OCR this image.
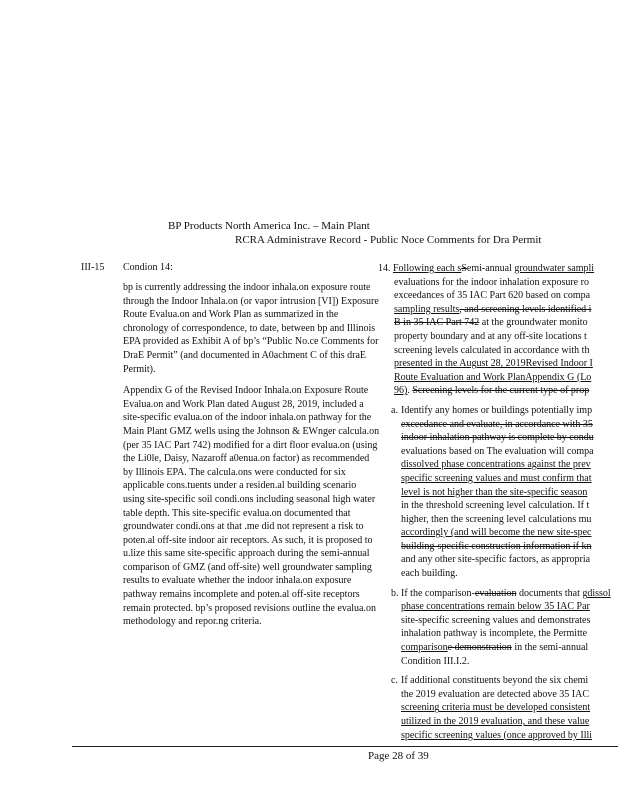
BP Products North America Inc. – Main Plant
RCRA Administrave Record - Public Noce Comments for Dra Permit
III-15 Condion 14:

bp is currently addressing the indoor inhala.on exposure route through the Indoor Inhala.on (or vapor intrusion [VI]) Exposure Route Evalua.on and Work Plan as summarized in the chronology of correspondence, to date, between bp and Illinois EPA provided as Exhibit A of bp’s “Public No.ce Comments for DraE Permit” (and documented in A0achment C of this draE Permit).

Appendix G of the Revised Indoor Inhala.on Exposure Route Evalua.on and Work Plan dated August 28, 2019, included a site-specific evalua.on of the indoor inhala.on pathway for the Main Plant GMZ wells using the Johnson & EWnger calcula.on (per 35 IAC Part 742) modified for a dirt floor evalua.on (using the Li0le, Daisy, Nazaroff a0enua.on factor) as recommended by Illinois EPA. The calcula.ons were conducted for six applicable cons.tuents under a residen.al building scenario using site-specific soil condi.ons including seasonal high water table depth. This site-specific evalua.on documented that groundwater condi.ons at that .me did not represent a risk to poten.al off-site indoor air receptors. As such, it is proposed to u.lize this same site-specific approach during the semi-annual comparison of GMZ (and off-site) well groundwater sampling results to evaluate whether the indoor inhala.on exposure pathway remains incomplete and poten.al off-site receptors remain protected. bp’s proposed revisions outline the evalua.on methodology and repor.ng criteria.

14. Following each sSemi-annual groundwater sampli
evaluations for the indoor inhalation exposure ro
exceedances of 35 IAC Part 620 based on compa
sampling results, and screening levels identified i
B in 35 IAC Part 742 at the groundwater monito
property boundary and at any off-site locations t
screening levels calculated in accordance with th
presented in the August 28, 2019Revised Indoor I
Route Evaluation and Work PlanAppendix G (Lo
96). Screening levels for the current type of prop
a. Identify any homes or buildings potentially imp
exceedance and evaluate, in accordance with 35
indoor inhalation pathway is complete by condu
evaluations based on The evaluation will compa
dissolved phase concentrations against the prev
specific screening values and must confirm that
level is not higher than the site-specific season
in the threshold screening level calculation. If t
higher, then the screening level calculations mu
accordingly (and will become the new site-spec
building-specific construction information if kn
and any other site-specific factors, as appropria
each building.
b. If the comparison-evaluation documents that gdissol
phase concentrations remain below 35 IAC Par
site-specific screening values and demonstrates
inhalation pathway is incomplete, the Permitte
comparisone demonstration in the semi-annual
Condition III.I.2.
c. If additional constituents beyond the six chemi
the 2019 evaluation are detected above 35 IAC
screening criteria must be developed consistent
utilized in the 2019 evaluation, and these value
specific screening values (once approved by Illi
Page 28 of 39
